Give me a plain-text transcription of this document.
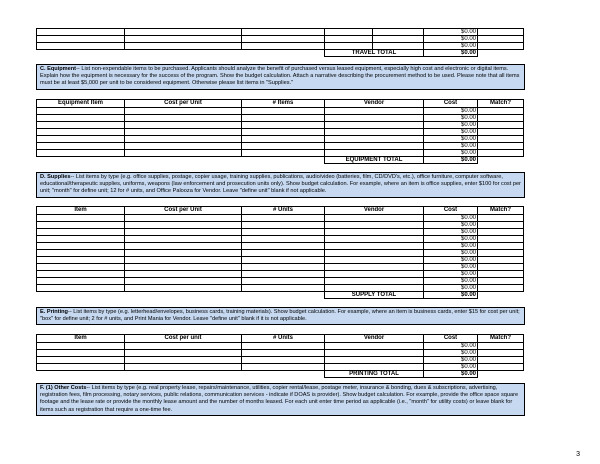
					$0.00	
					$0.00	
					$0.00	
			TRAVEL TOTAL		$0.00	
C. Equipment-- List non-expendable items to be purchased. Applicants should analyze the benefit of purchased versus leased equipment, especially high cost and electronic or digital items. Explain how the equipment is necessary for the success of the program. Show the budget calculation. Attach a narrative describing the procurement method to be used. Please note that all items must be at least $5,000 per unit to be considered equipment. Otherwise please list items in "Supplies."
Equipment Item	Cost per Unit	# Items	Vendor	Cost	Match?
				$0.00	
				$0.00	
				$0.00	
				$0.00	
				$0.00	
				$0.00	
				$0.00	
			EQUIPMENT TOTAL	$0.00	
D. Supplies-- List items by type (e.g. office supplies, postage, copier usage, training supplies, publications, audio/video (batteries, film, CD/DVD's, etc.), office furniture, computer software, educational/therapeutic supplies, uniforms, weapons (law enforcement and prosecution units only). Show budget calculation. For example, where an item is office supplies, enter $100 for cost per unit; "month" for define unit; 12 for # units, and Office Palooza for Vendor. Leave "define unit" blank if not applicable.
Item	Cost per Unit	# Units	Vendor	Cost	Match?
				$0.00	
				$0.00	
				$0.00	
				$0.00	
				$0.00	
				$0.00	
				$0.00	
				$0.00	
				$0.00	
				$0.00	
				$0.00	
			SUPPLY TOTAL	$0.00	
E. Printing-- List items by type (e.g. letterhead/envelopes, business cards, training materials). Show budget calculation. For example, where an item is business cards, enter $15 for cost per unit; "box" for define unit; 2 for # units, and Print Mania for Vendor. Leave "define unit" blank if it is not applicable.
Item	Cost per unit	# Units	Vendor	Cost	Match?
				$0.00	
				$0.00	
				$0.00	
				$0.00	
			PRINTING TOTAL	$0.00	
F. (1) Other Costs-- List items by type (e.g. real property lease, repairs/maintenance, utilities, copier rental/lease, postage meter, insurance & bonding, dues & subscriptions, advertising, registration fees, film processing, notary services, public relations, communication services - indicate if DOAS is provider). Show budget calculation. For example, provide the office space square footage and the lease rate or provide the monthly lease amount and the number of months leased. For each unit enter time period as applicable (i.e., "month" for utility costs) or leave blank for items such as registration that require a one-time fee.
3
